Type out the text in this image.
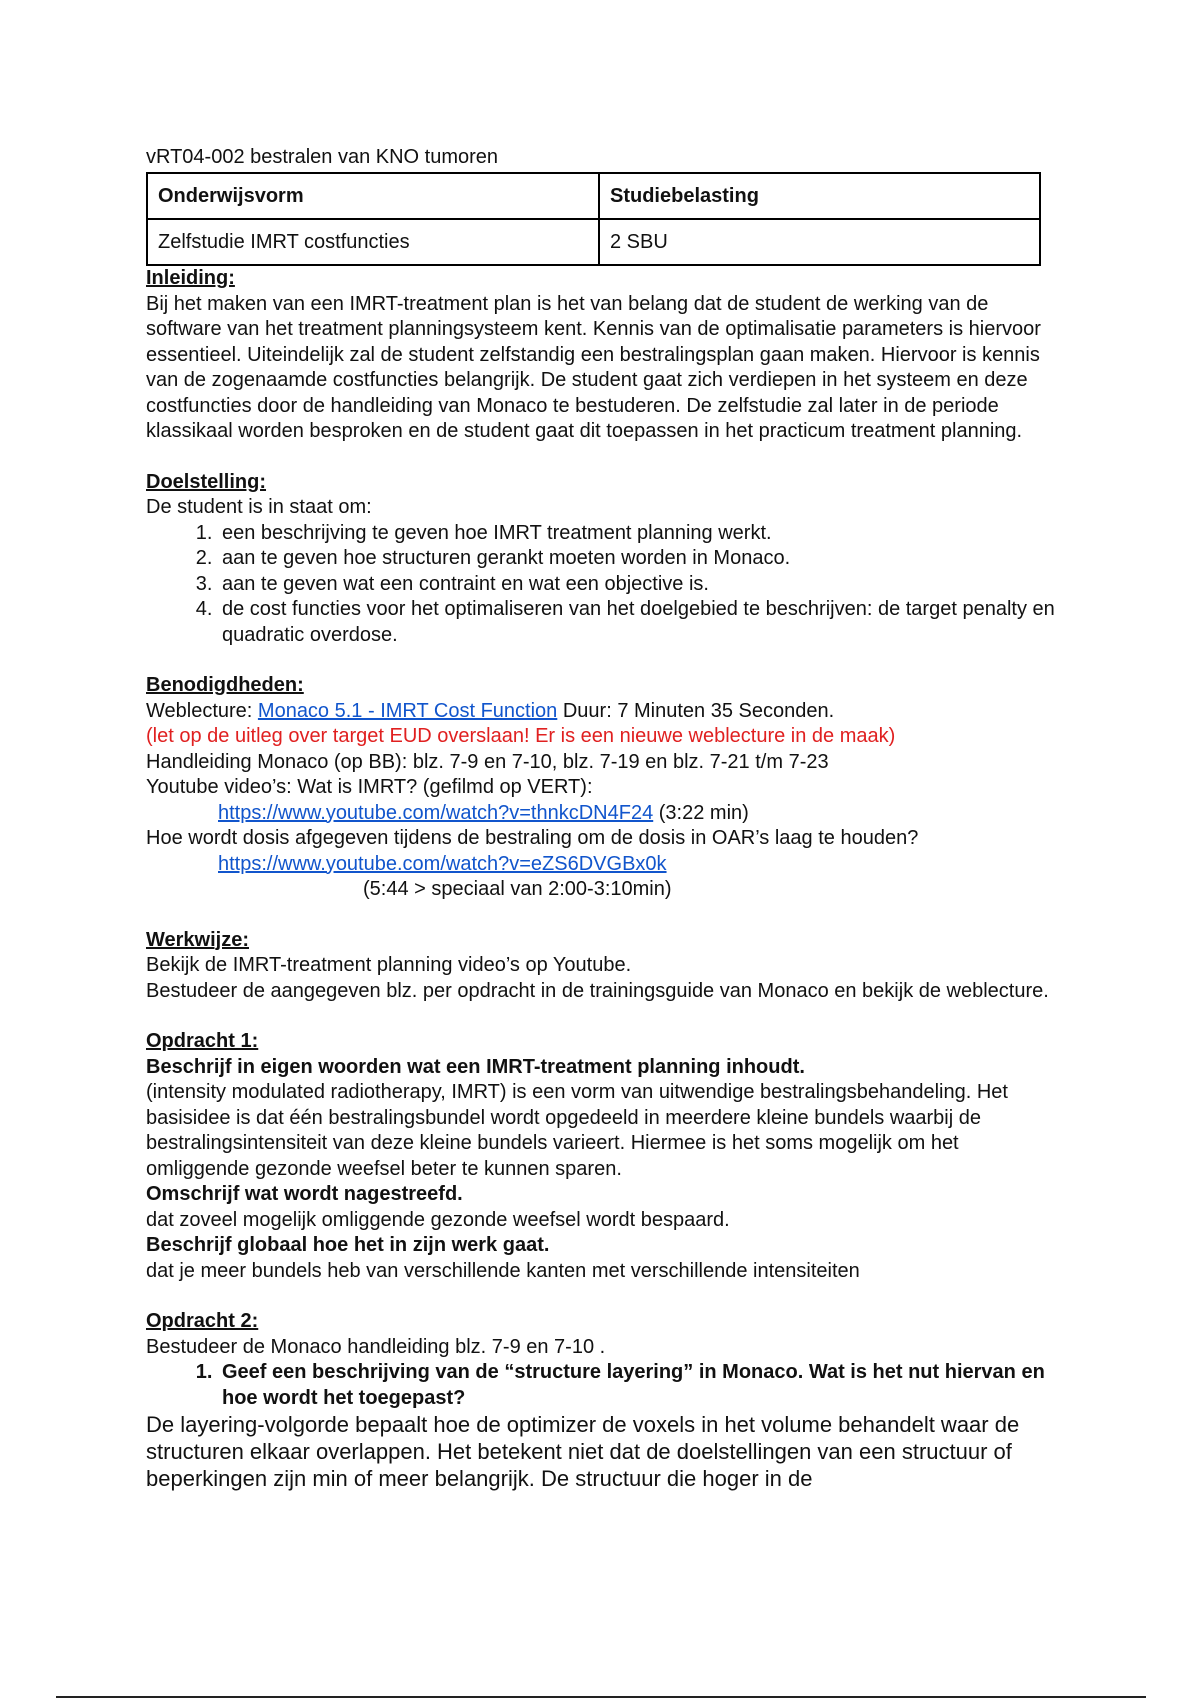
vRT04-002 bestralen van KNO tumoren

Onderwijsvorm	Studiebelasting
Zelfstudie IMRT costfuncties	2 SBU

Inleiding:

Bij het maken van een IMRT-treatment plan is het van belang dat de student de werking van de software van het treatment planningsysteem kent. Kennis van de optimalisatie parameters is hiervoor essentieel. Uiteindelijk zal de student zelfstandig een bestralingsplan gaan maken. Hiervoor is kennis van de zogenaamde costfuncties belangrijk. De student gaat zich verdiepen in het systeem en deze costfuncties door de handleiding van Monaco te bestuderen. De zelfstudie zal later in de periode klassikaal worden besproken en de student gaat dit toepassen in het practicum treatment planning.

Doelstelling:

De student is in staat om:

1. een beschrijving te geven hoe IMRT treatment planning werkt.
2. aan te geven hoe structuren gerankt moeten worden in Monaco.
3. aan te geven wat een contraint en wat een objective is.
4. de cost functies voor het optimaliseren van het doelgebied te beschrijven: de target penalty en quadratic overdose.

Benodigdheden:

Weblecture: Monaco 5.1 - IMRT Cost Function Duur: 7 Minuten 35 Seconden.

(let op de uitleg over target EUD overslaan! Er is een nieuwe weblecture in de maak)

Handleiding Monaco (op BB): blz. 7-9 en 7-10, blz. 7-19 en blz. 7-21 t/m 7-23

Youtube video’s: Wat is IMRT? (gefilmd op VERT):

https://www.youtube.com/watch?v=thnkcDN4F24 (3:22 min)

Hoe wordt dosis afgegeven tijdens de bestraling om de dosis in OAR’s laag te houden?

https://www.youtube.com/watch?v=eZS6DVGBx0k

(5:44 > speciaal van 2:00-3:10min)

Werkwijze:

Bekijk de IMRT-treatment planning video’s op Youtube.

Bestudeer de aangegeven blz. per opdracht in de trainingsguide van Monaco en bekijk de weblecture.

Opdracht 1:

Beschrijf in eigen woorden wat een IMRT-treatment planning inhoudt.

(intensity modulated radiotherapy, IMRT) is een vorm van uitwendige bestralingsbehandeling. Het basisidee is dat één bestralingsbundel wordt opgedeeld in meerdere kleine bundels waarbij de bestralingsintensiteit van deze kleine bundels varieert. Hiermee is het soms mogelijk om het omliggende gezonde weefsel beter te kunnen sparen.

Omschrijf wat wordt nagestreefd.

dat zoveel mogelijk omliggende gezonde weefsel wordt bespaard.

Beschrijf globaal hoe het in zijn werk gaat.

dat je meer bundels heb van verschillende kanten met verschillende intensiteiten

Opdracht 2:

Bestudeer de Monaco handleiding blz. 7-9 en 7-10 .

1. Geef een beschrijving van de “structure layering” in Monaco. Wat is het nut hiervan en hoe wordt het toegepast?

De layering-volgorde bepaalt hoe de optimizer de voxels in het volume behandelt waar de structuren elkaar overlappen. Het betekent niet dat de doelstellingen van een structuur of beperkingen zijn min of meer belangrijk. De structuur die hoger in de
